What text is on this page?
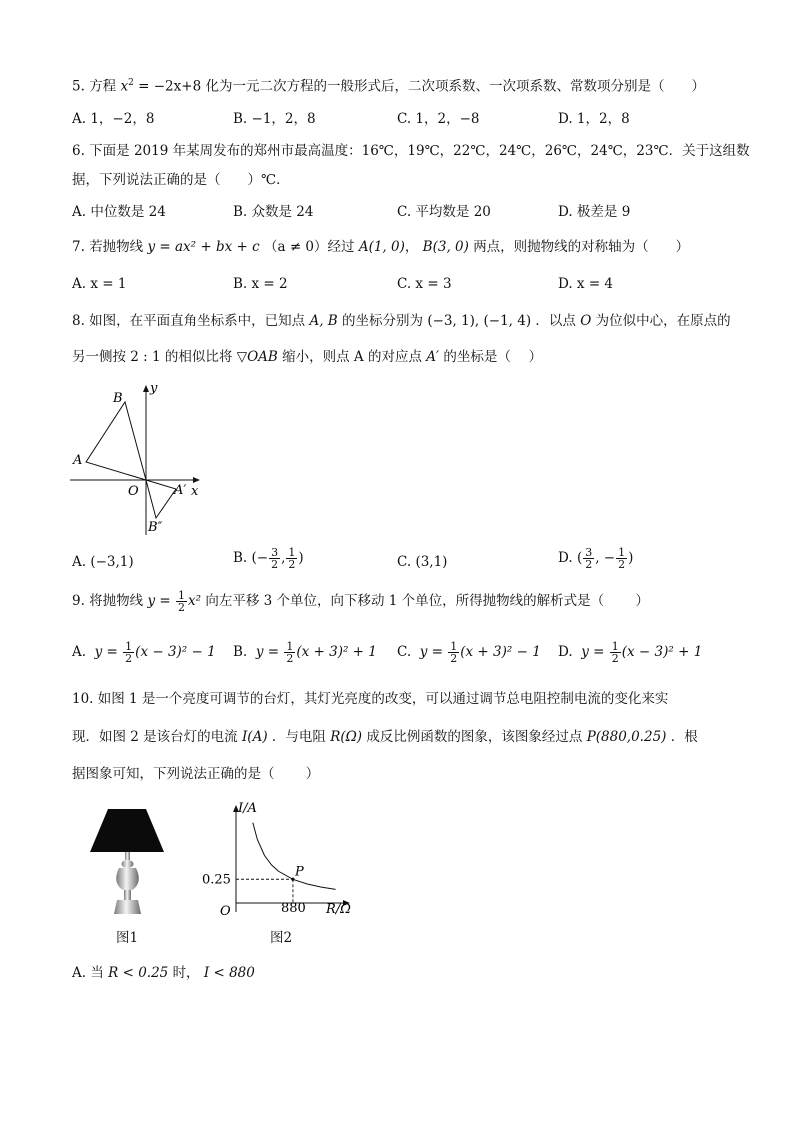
5. 方程 $x^2 = -2x+8$ 化为一元二次方程的一般形式后，二次项系数、一次项系数、常数项分别是（　　）
A. 1，−2，8	B. −1，2，8	C. 1，2，−8	D. 1，2，8
6. 下面是 2019 年某周发布的郑州市最高温度：16℃，19℃，22℃，24℃，26℃，24℃，23℃．关于这组数
据，下列说法正确的是（　　）℃．
A. 中位数是 24	B. 众数是 24	C. 平均数是 20	D. 极差是 9
7. 若抛物线 y = ax² + bx + c （a ≠ 0）经过 A(1, 0)， B(3, 0) 两点，则抛物线的对称轴为（　　）
A. x = 1	B. x = 2	C. x = 3	D. x = 4
8. 如图，在平面直角坐标系中，已知点 A, B 的坐标分别为 (−3, 1), (−1, 4) ．以点 O 为位似中心，在原点的
另一侧按 2 : 1 的相似比将 ▽OAB 缩小，则点 A 的对应点 A′ 的坐标是（　 ）
B
A
O	A′
B″
x
y
A. (−3,1)	B. (− $\frac{3}{2}$ , $\frac{1}{2}$ )	C. (3,1)	D. ( $\frac{3}{2}$ , − $\frac{1}{2}$ )
9. 将抛物线 $y = \frac{1}{2} x^2$ 向左平移 3 个单位，向下移动 1 个单位，所得抛物线的解析式是（　　 ）
A. $y = \frac{1}{2} (x - 3)^2 - 1$ B. $y = \frac{1}{2} (x + 3)^2 + 1$ C. $y = \frac{1}{2} (x + 3)^2 - 1$ D. $y = \frac{1}{2} (x - 3)^2 + 1$
10. 如图 1 是一个亮度可调节的台灯，其灯光亮度的改变，可以通过调节总电阻控制电流的变化来实
现．如图 2 是该台灯的电流 I(A) ．与电阻 R(Ω) 成反比例函数的图象，该图象经过点 P(880,0.25) ．根
据图象可知，下列说法正确的是（　　 ）
图1
I/A
R/Ω
O
0.25
880
P
图2
A. 当 R < 0.25 时， I < 880
